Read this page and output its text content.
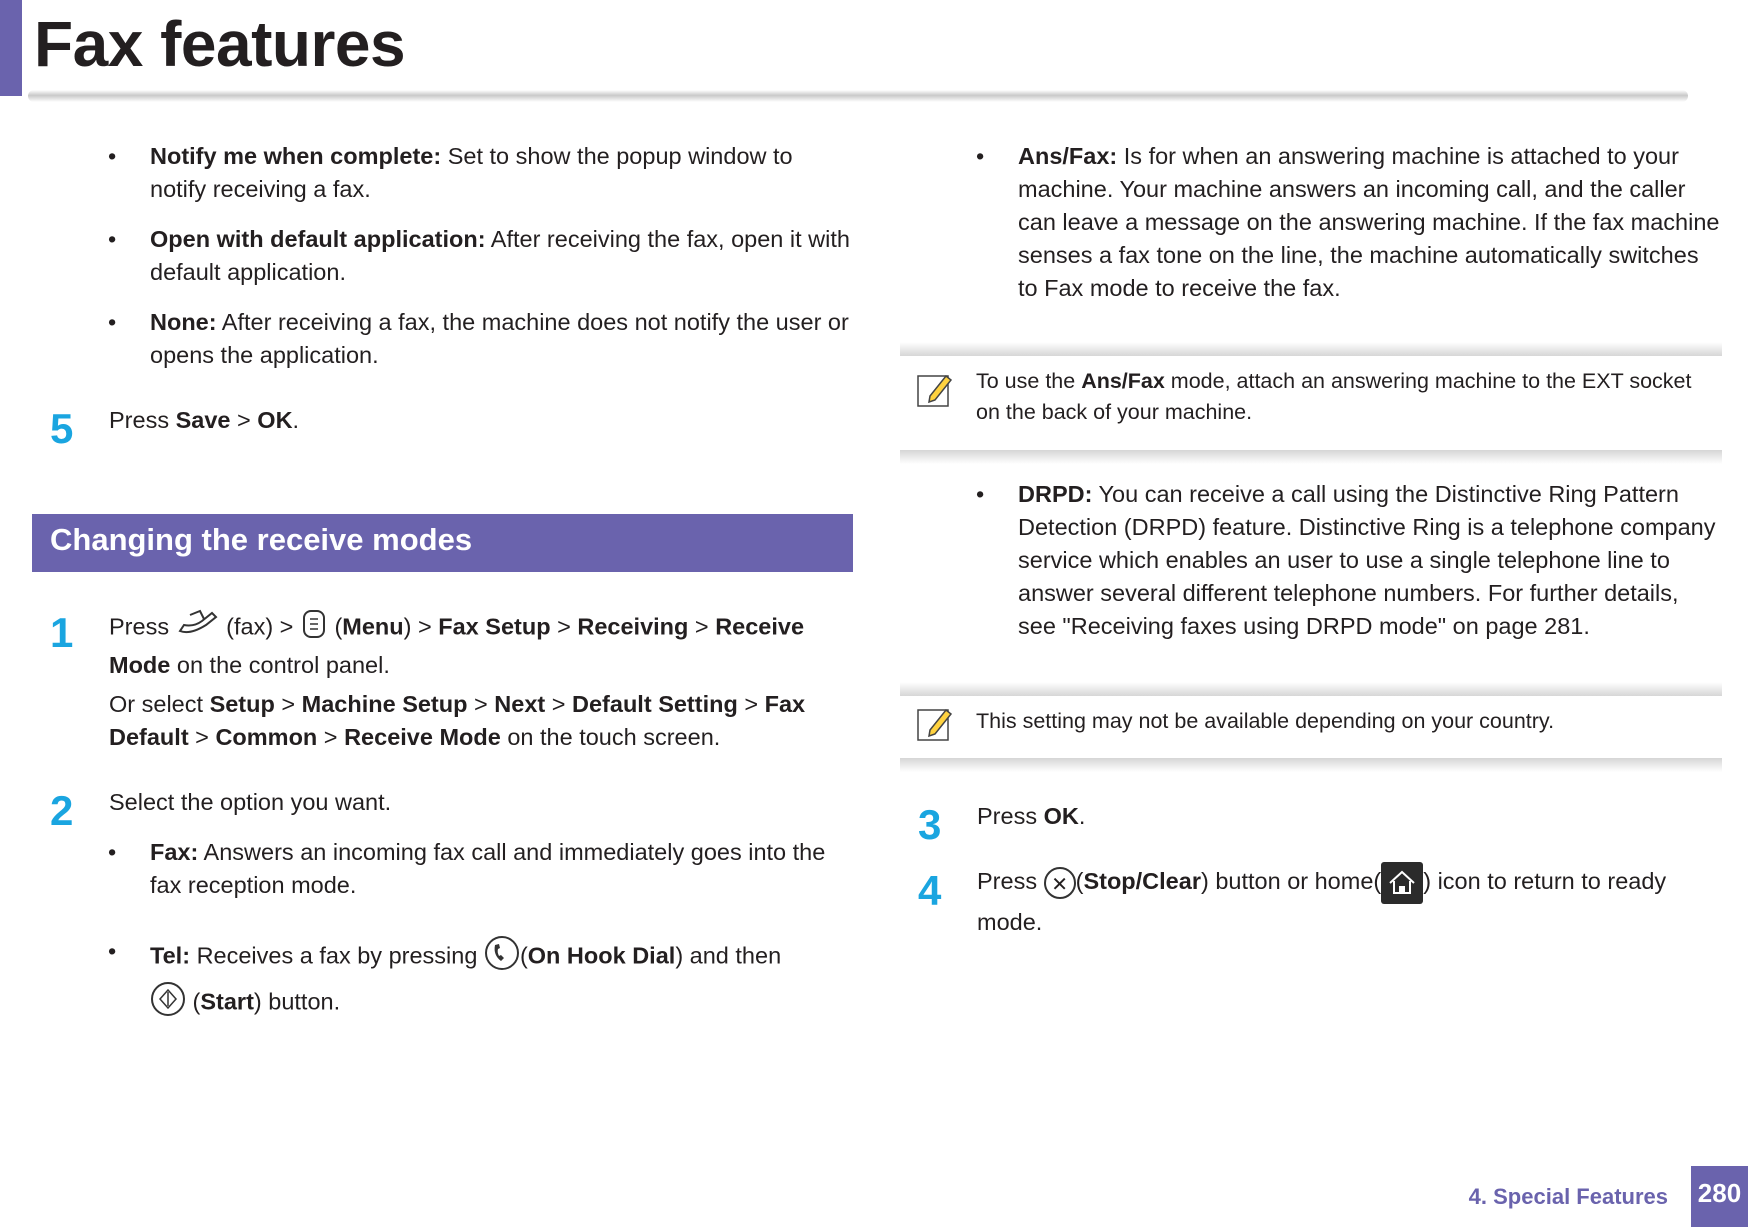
Fax features
• Notify me when complete: Set to show the popup window to notify receiving a fax.
• Open with default application: After receiving the fax, open it with default application.
• None: After receiving a fax, the machine does not notify the user or opens the application.
5 Press Save > OK.
Changing the receive modes
1 Press  (fax) >  (Menu) > Fax Setup > Receiving > Receive Mode on the control panel.
Or select Setup > Machine Setup > Next > Default Setting > Fax Default > Common > Receive Mode on the touch screen.
2 Select the option you want.
• Fax: Answers an incoming fax call and immediately goes into the fax reception mode.
• Tel: Receives a fax by pressing (On Hook Dial) and then
(Start) button.
• Ans/Fax: Is for when an answering machine is attached to your machine. Your machine answers an incoming call, and the caller can leave a message on the answering machine. If the fax machine senses a fax tone on the line, the machine automatically switches to Fax mode to receive the fax.
To use the Ans/Fax mode, attach an answering machine to the EXT socket on the back of your machine.
• DRPD: You can receive a call using the Distinctive Ring Pattern Detection (DRPD) feature. Distinctive Ring is a telephone company service which enables an user to use a single telephone line to answer several different telephone numbers. For further details, see "Receiving faxes using DRPD mode" on page 281.
This setting may not be available depending on your country.
3 Press OK.
4 Press ✕ (Stop/Clear) button or home( ) icon to return to ready mode.
4. Special Features 280
